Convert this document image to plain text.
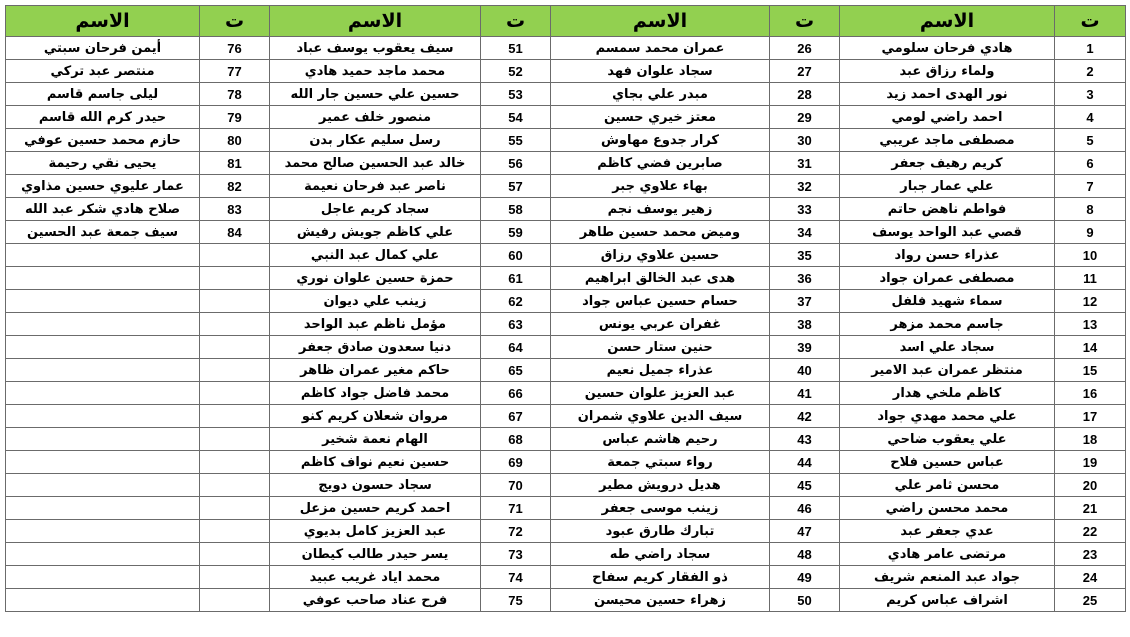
الاسم	ت	الاسم	ت	الاسم	ت	الاسم	ت
أيمن فرحان سبتي	76	سيف يعقوب يوسف عباد	51	عمران محمد سمسم	26	هادي فرحان سلومي	1
منتصر عبد تركي	77	محمد ماجد حميد هادي	52	سجاد علوان فهد	27	ولماء رزاق عبد	2
ليلى جاسم قاسم	78	حسين علي حسين جار الله	53	مبدر علي بجاي	28	نور الهدى احمد زيد	3
حيدر كرم الله قاسم	79	منصور خلف عمير	54	معتز خيري حسين	29	احمد راضي لومي	4
حازم محمد حسين عوفي	80	رسل سليم عكار بدن	55	كرار جدوع مهاوش	30	مصطفى ماجد عريبي	5
يحيى نقي رحيمة	81	خالد عبد الحسين صالح محمد	56	صابرين فضي كاظم	31	كريم رهيف جعفر	6
عمار عليوي حسين مذاوي	82	ناصر عبد فرحان نعيمة	57	بهاء علاوي جبر	32	علي عمار جبار	7
صلاح هادي شكر عبد الله	83	سجاد كريم عاجل	58	زهير يوسف نجم	33	فواطم ناهض حاتم	8
سيف جمعة عبد الحسين	84	علي كاظم جويش رفيش	59	وميض محمد حسين طاهر	34	قصي عبد الواحد يوسف	9
		علي كمال عبد النبي	60	حسين علاوي رزاق	35	عذراء حسن رواد	10
		حمزة حسين علوان نوري	61	هدى عبد الخالق ابراهيم	36	مصطفى عمران جواد	11
		زينب علي ديوان	62	حسام حسين عباس جواد	37	سماء شهيد فلفل	12
		مؤمل ناظم عبد الواحد	63	غفران عربي يونس	38	جاسم محمد مزهر	13
		دنيا سعدون صادق جعفر	64	حنين ستار حسن	39	سجاد علي اسد	14
		حاكم مغير عمران ظاهر	65	عذراء جميل نعيم	40	منتظر عمران عبد الامير	15
		محمد فاضل جواد كاظم	66	عبد العزيز علوان حسين	41	كاظم ملخي هدار	16
		مروان شعلان كريم كنو	67	سيف الدين علاوي شمران	42	علي محمد مهدي جواد	17
		الهام نعمة شخير	68	رحيم هاشم عباس	43	علي يعقوب ضاحي	18
		حسين نعيم نواف كاظم	69	رواء سبتي جمعة	44	عباس حسين فلاح	19
		سجاد حسون دويج	70	هديل درويش مطير	45	محسن ثامر علي	20
		احمد كريم حسين مزعل	71	زينب موسى جعفر	46	محمد محسن راضي	21
		عبد العزيز كامل بديوي	72	تبارك طارق عبود	47	عدي جعفر عبد	22
		يسر حيدر طالب كيطان	73	سجاد راضي طه	48	مرتضى عامر هادي	23
		محمد اياد غريب عبيد	74	ذو الفقار كريم سفاح	49	جواد عبد المنعم شريف	24
		فرح عناد صاحب عوفي	75	زهراء حسين محيسن	50	اشراف عباس كريم	25
